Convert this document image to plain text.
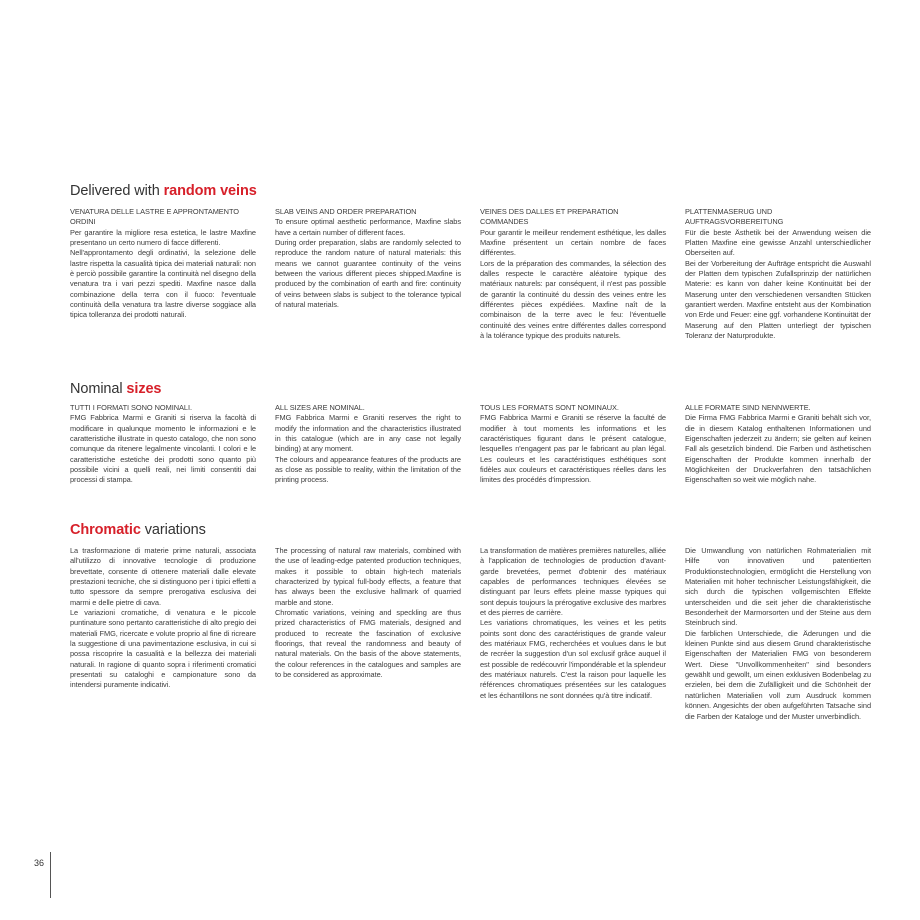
Delivered with random veins
VENATURA DELLE LASTRE E APPRONTAMENTO ORDINI

Per garantire la migliore resa estetica, le lastre Maxfine presentano un certo numero di facce differenti.

Nell'approntamento degli ordinativi, la selezione delle lastre rispetta la casualità tipica dei materiali naturali: non è perciò possibile garantire la continuità nel disegno della venatura tra i vari pezzi spediti. Maxfine nasce dalla combinazione della terra con il fuoco: l'eventuale continuità della venatura tra lastre diverse soggiace alla tipica tolleranza dei prodotti naturali.

SLAB VEINS AND ORDER PREPARATION

To ensure optimal aesthetic performance, Maxfine slabs have a certain number of different faces.

During order preparation, slabs are randomly selected to reproduce the random nature of natural materials: this means we cannot guarantee continuity of the veins between the various different pieces shipped.Maxfine is produced by the combination of earth and fire: continuity of veins between slabs is subject to the tolerance typical of natural materials.

VEINES DES DALLES ET PREPARATION COMMANDES

Pour garantir le meilleur rendement esthétique, les dalles Maxfine présentent un certain nombre de faces différentes.

Lors de la préparation des commandes, la sélection des dalles respecte le caractère aléatoire typique des matériaux naturels: par conséquent, il n'est pas possible de garantir la continuité du dessin des veines entre les différentes pièces expédiées. Maxfine naît de la combinaison de la terre avec le feu: l'éventuelle continuité des veines entre différentes dalles correspond à la tolérance typique des produits naturels.

PLATTENMASERUG UND AUFTRAGSVORBEREITUNG

Für die beste Ästhetik bei der Anwendung weisen die Platten Maxfine eine gewisse Anzahl unterschiedlicher Oberseiten auf.

Bei der Vorbereitung der Aufträge entspricht die Auswahl der Platten dem typischen Zufallsprinzip der natürlichen Materie: es kann von daher keine Kontinuität bei der Maserung unter den verschiedenen versandten Stücken garantiert werden. Maxfine entsteht aus der Kombination von Erde und Feuer: eine ggf. vorhandene Kontinuität der Maserung auf den Platten unterliegt der typischen Toleranz der Naturprodukte.

Nominal sizes
TUTTI I FORMATI SONO NOMINALI.

FMG Fabbrica Marmi e Graniti si riserva la facoltà di modificare in qualunque momento le informazioni e le caratteristiche illustrate in questo catalogo, che non sono comunque da ritenere legalmente vincolanti. I colori e le caratteristiche estetiche dei prodotti sono quanto più possibile vicini a quelli reali, nei limiti consentiti dai processi di stampa.

ALL SIZES ARE NOMINAL.

FMG Fabbrica Marmi e Graniti reserves the right to modify the information and the characteristics illustrated in this catalogue (which are in any case not legally binding) at any moment.

The colours and appearance features of the products are as close as possible to reality, within the limitation of the printing process.

TOUS LES FORMATS SONT NOMINAUX.

FMG Fabbrica Marmi e Graniti se réserve la faculté de modifier à tout moments les informations et les caractéristiques figurant dans le présent catalogue, lesquelles n'engagent pas par le fabricant au plan légal. Les couleurs et les caractéristiques esthétiques sont fidèles aux couleurs et caractéristiques réelles dans les limites des procédés d'impression.

ALLE FORMATE SIND NENNWERTE.

Die Firma FMG Fabbrica Marmi e Graniti behält sich vor, die in diesem Katalog enthaltenen Informationen und Eigenschaften jederzeit zu ändern; sie gelten auf keinen Fall als gesetzlich bindend. Die Farben und ästhetischen Eigenschaften der Produkte kommen innerhalb der Möglichkeiten der Druckverfahren den tatsächlichen Eigenschaften so weit wie möglich nahe.

Chromatic variations

La trasformazione di materie prime naturali, associata all'utilizzo di innovative tecnologie di produzione brevettate, consente di ottenere materiali dalle elevate prestazioni tecniche, che si distinguono per i tipici effetti a tutto spessore da sempre prerogativa esclusiva dei marmi e delle pietre di cava.

Le variazioni cromatiche, di venatura e le piccole puntinature sono pertanto caratteristiche di alto pregio dei materiali FMG, ricercate e volute proprio al fine di ricreare la suggestione di una pavimentazione esclusiva, in cui si possa riscoprire la casualità e la bellezza dei materiali naturali. In ragione di quanto sopra i riferimenti cromatici presentati su cataloghi e campionature sono da intendersi puramente indicativi.

The processing of natural raw materials, combined with the use of leading-edge patented production techniques, makes it possible to obtain high-tech materials characterized by typical full-body effects, a feature that has always been the exclusive hallmark of quarried marble and stone.

Chromatic variations, veining and speckling are thus prized characteristics of FMG materials, designed and produced to recreate the fascination of exclusive floorings, that reveal the randomness and beauty of natural materials. On the basis of the above statements, the colour references in the catalogues and samples are to be considered as approximate.

La transformation de matières premières naturelles, alliée à l'application de technologies de production d'avant-garde brevetées, permet d'obtenir des matériaux capables de performances techniques élevées se distinguant par leurs effets pleine masse typiques qui sont depuis toujours la prérogative exclusive des marbres et des pierres de carrière.

Les variations chromatiques, les veines et les petits points sont donc des caractéristiques de grande valeur des matériaux FMG, recherchées et voulues dans le but de recréer la suggestion d'un sol exclusif grâce auquel il est possible de redécouvrir l'impondérable et la splendeur des matériaux naturels. C'est la raison pour laquelle les références chromatiques présentées sur les catalogues et les échantillons ne sont données qu'à titre indicatif.

Die Umwandlung von natürlichen Rohmaterialien mit Hilfe von innovativen und patentierten Produktionstechnologien, ermöglicht die Herstellung von Materialien mit hoher technischer Leistungsfähigkeit, die sich durch die typischen vollgemischten Effekte unterscheiden und die seit jeher die charakteristische Besonderheit der Marmorsorten und der Steine aus dem Steinbruch sind.

Die farblichen Unterschiede, die Äderungen und die kleinen Punkte sind aus diesem Grund charakteristische Eigenschaften der Materialien FMG von besonderem Wert. Diese "Unvollkommenheiten" sind besonders gewählt und gewollt, um einen exklusiven Bodenbelag zu erzielen, bei dem die Zufälligkeit und die Schönheit der natürlichen Materialien voll zum Ausdruck kommen können. Angesichts der oben aufgeführten Tatsache sind die Farben der Kataloge und der Muster unverbindlich.

36
